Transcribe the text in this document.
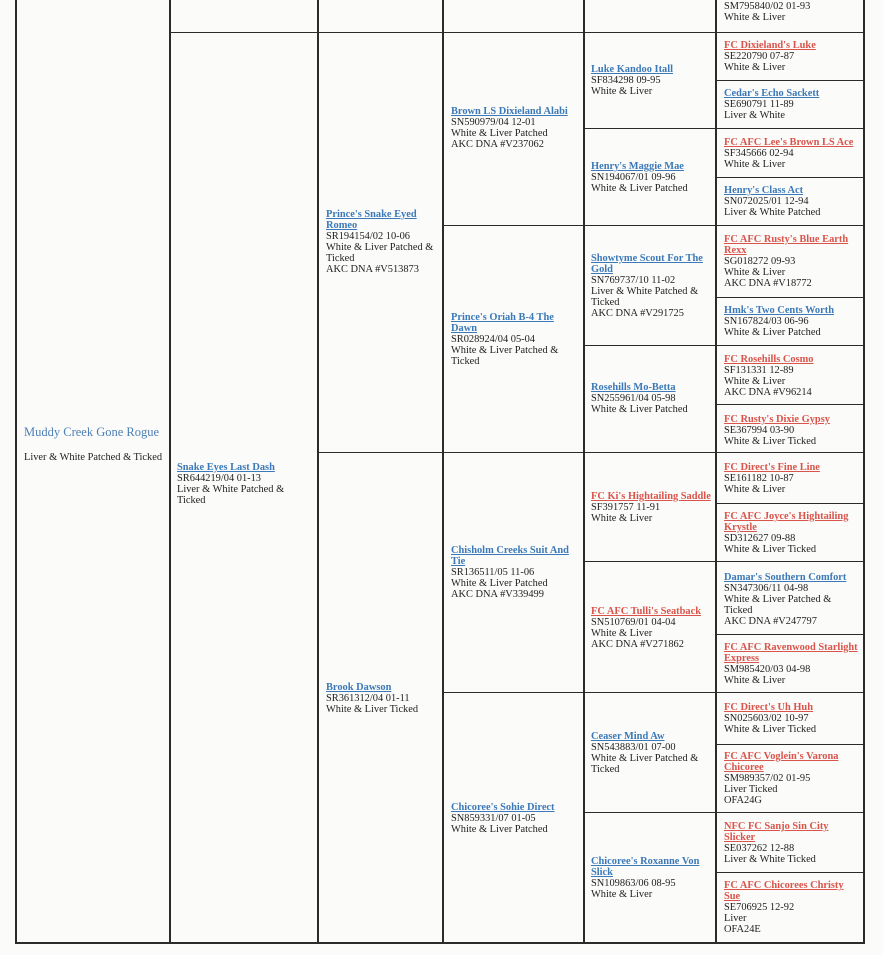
SM795840/02 01-93
White & Liver
Muddy Creek Gone Rogue
Liver & White Patched & Ticked
Snake Eyes Last Dash
SR644219/04 01-13
Liver & White Patched &
Ticked
Prince's Snake Eyed Romeo
SR194154/02 10-06
White & Liver Patched &
Ticked
AKC DNA #V513873
Brook Dawson
SR361312/04 01-11
White & Liver Ticked
Brown LS Dixieland Alabi
SN590979/04 12-01
White & Liver Patched
AKC DNA #V237062
Prince's Oriah B-4 The Dawn
SR028924/04 05-04
White & Liver Patched &
Ticked
Chisholm Creeks Suit And Tie
SR136511/05 11-06
White & Liver Patched
AKC DNA #V339499
Chicoree's Sohie Direct
SN859331/07 01-05
White & Liver Patched
Luke Kandoo Itall
SF834298 09-95
White & Liver
Henry's Maggie Mae
SN194067/01 09-96
White & Liver Patched
Showtyme Scout For The Gold
SN769737/10 11-02
Liver & White Patched &
Ticked
AKC DNA #V291725
Rosehills Mo-Betta
SN255961/04 05-98
White & Liver Patched
FC Ki's Hightailing Saddle
SF391757 11-91
White & Liver
FC AFC Tulli's Seatback
SN510769/01 04-04
White & Liver
AKC DNA #V271862
Ceaser Mind Aw
SN543883/01 07-00
White & Liver Patched &
Ticked
Chicoree's Roxanne Von Slick
SN109863/06 08-95
White & Liver
FC Dixieland's Luke
SE220790 07-87
White & Liver
Cedar's Echo Sackett
SE690791 11-89
Liver & White
FC AFC Lee's Brown LS Ace
SF345666 02-94
White & Liver
Henry's Class Act
SN072025/01 12-94
Liver & White Patched
FC AFC Rusty's Blue Earth Rexx
SG018272 09-93
White & Liver
AKC DNA #V18772
Hmk's Two Cents Worth
SN167824/03 06-96
White & Liver Patched
FC Rosehills Cosmo
SF131331 12-89
White & Liver
AKC DNA #V96214
FC Rusty's Dixie Gypsy
SE367994 03-90
White & Liver Ticked
FC Direct's Fine Line
SE161182 10-87
White & Liver
FC AFC Joyce's Hightailing Krystle
SD312627 09-88
White & Liver Ticked
Damar's Southern Comfort
SN347306/11 04-98
White & Liver Patched &
Ticked
AKC DNA #V247797
FC AFC Ravenwood Starlight Express
SM985420/03 04-98
White & Liver
FC Direct's Uh Huh
SN025603/02 10-97
White & Liver Ticked
FC AFC Voglein's Varona Chicoree
SM989357/02 01-95
Liver Ticked
OFA24G
NFC FC Sanjo Sin City Slicker
SE037262 12-88
Liver & White Ticked
FC AFC Chicorees Christy Sue
SE706925 12-92
Liver
OFA24E
